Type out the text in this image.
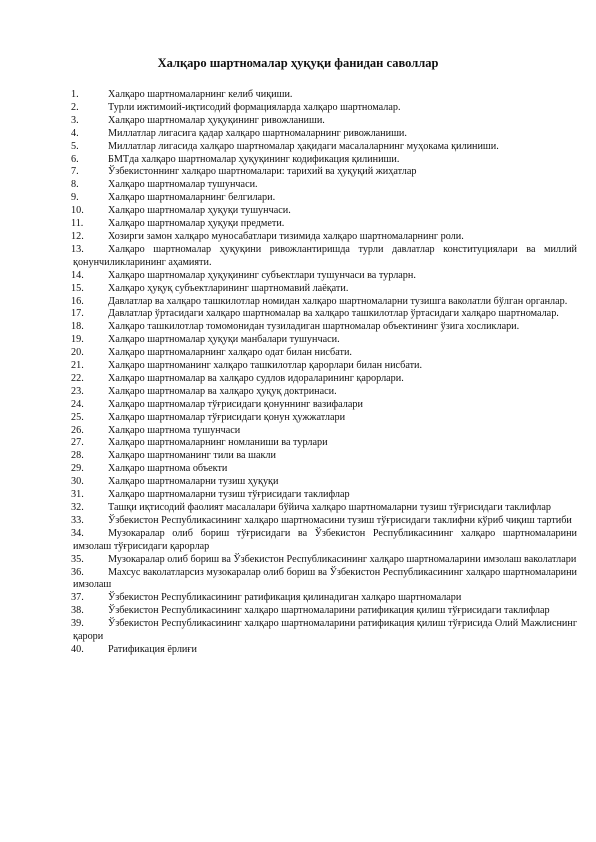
Халқаро шартномалар ҳуқуқи фанидан саволлар

1.	Халқаро шартномаларнинг келиб чиқиши.

2.	Турли ижтимоий-иқтисодий формацияларда халқаро шартномалар.

3.	Халқаро шартномалар ҳуқуқининг ривожланиши.

4.	Миллатлар лигасига қадар халқаро шартномаларнинг ривожланиши.

5.	Миллатлар лигасида халқаро шартномалар ҳақидаги масалаларнинг муҳокама қилиниши.

6.	БМТда халқаро шартномалар ҳуқуқининг кодификация қилиниши.

7.	Ўзбекистоннинг халқаро шартномалари: тарихий ва ҳуқуқий жиҳатлар

8.	Халқаро шартномалар тушунчаси.

9.	Халқаро шартномаларнинг белгилари.

10. Халқаро шартномалар ҳуқуқи тушунчаси.

11. Халқаро шартномалар ҳуқуқи предмети.

12. Хозирги замон халқаро муносабатлари тизимида халқаро шартномаларнинг роли.

13. Халқаро шартномалар ҳуқуқини ривожлантиришда турли давлатлар конституциялари ва миллий қонунчиликларининг аҳамияти.

14. Халқаро шартномалар ҳуқуқининг субъектлари тушунчаси ва турларн.

15. Халқаро ҳуқуқ субъектларининг шартномавий лаёқати.

16. Давлатлар ва халқаро ташкилотлар номидан халқаро шартномаларни тузишга ваколатли бўлган органлар.

17. Давлатлар ўртасидаги халқаро шартномалар ва халқаро ташкилотлар ўртасидаги халқаро шартномалар.

18. Халқаро ташкилотлар томомонидан тузиладиган шартномалар объектининг ўзига хосликлари.

19. Халқаро шартномалар ҳуқуқи манбалари тушунчаси.

20. Халқаро шартномаларнинг халқаро одат билан нисбати.

21. Халқаро шартноманинг халқаро ташкилотлар қарорлари билан нисбати.

22. Халқаро шартномалар ва халқаро судлов идораларининг қарорлари.

23. Халқаро шартномалар ва халқаро ҳуқуқ доктринаси.

24. Халқаро шартномалар тўғрисидаги қонуннинг вазифалари

25. Халқаро шартномалар тўғрисидаги қонун ҳужжатлари

26. Халқаро шартнома тушунчаси

27. Халқаро шартномаларнинг номланиши ва турлари

28. Халқаро шартноманинг тили ва шакли

29. Халқаро шартнома объекти

30. Халқаро шартномаларни тузиш ҳуқуқи

31. Халқаро шартномаларни тузиш тўғрисидаги таклифлар

32. Ташқи иқтисодий фаолият масалалари бўйича халқаро шартномаларни тузиш тўғрисидаги таклифлар

33. Ўзбекистон Республикасининг халқаро шартномасини тузиш тўғрисидаги таклифни кўриб чиқиш тартиби

34. Музокаралар олиб бориш тўғрисидаги ва Ўзбекистон Республикасининг халқаро шартномаларини имзолаш тўғрисидаги қарорлар

35. Музокаралар олиб бориш ва Ўзбекистон Республикасининг халқаро шартномаларини имзолаш ваколатлари

36. Махсус ваколатларсиз музокаралар олиб бориш ва Ўзбекистон Республикасининг халқаро шартномаларини имзолаш

37. Ўзбекистон Республикасининг ратификация қилинадиган халқаро шартномалари

38. Ўзбекистон Республикасининг халқаро шартномаларини ратификация қилиш тўғрисидаги таклифлар

39. Ўзбекистон Республикасининг халқаро шартномаларини ратификация қилиш тўғрисида Олий Мажлиснинг қарори

40. Ратификация ёрлиғи
